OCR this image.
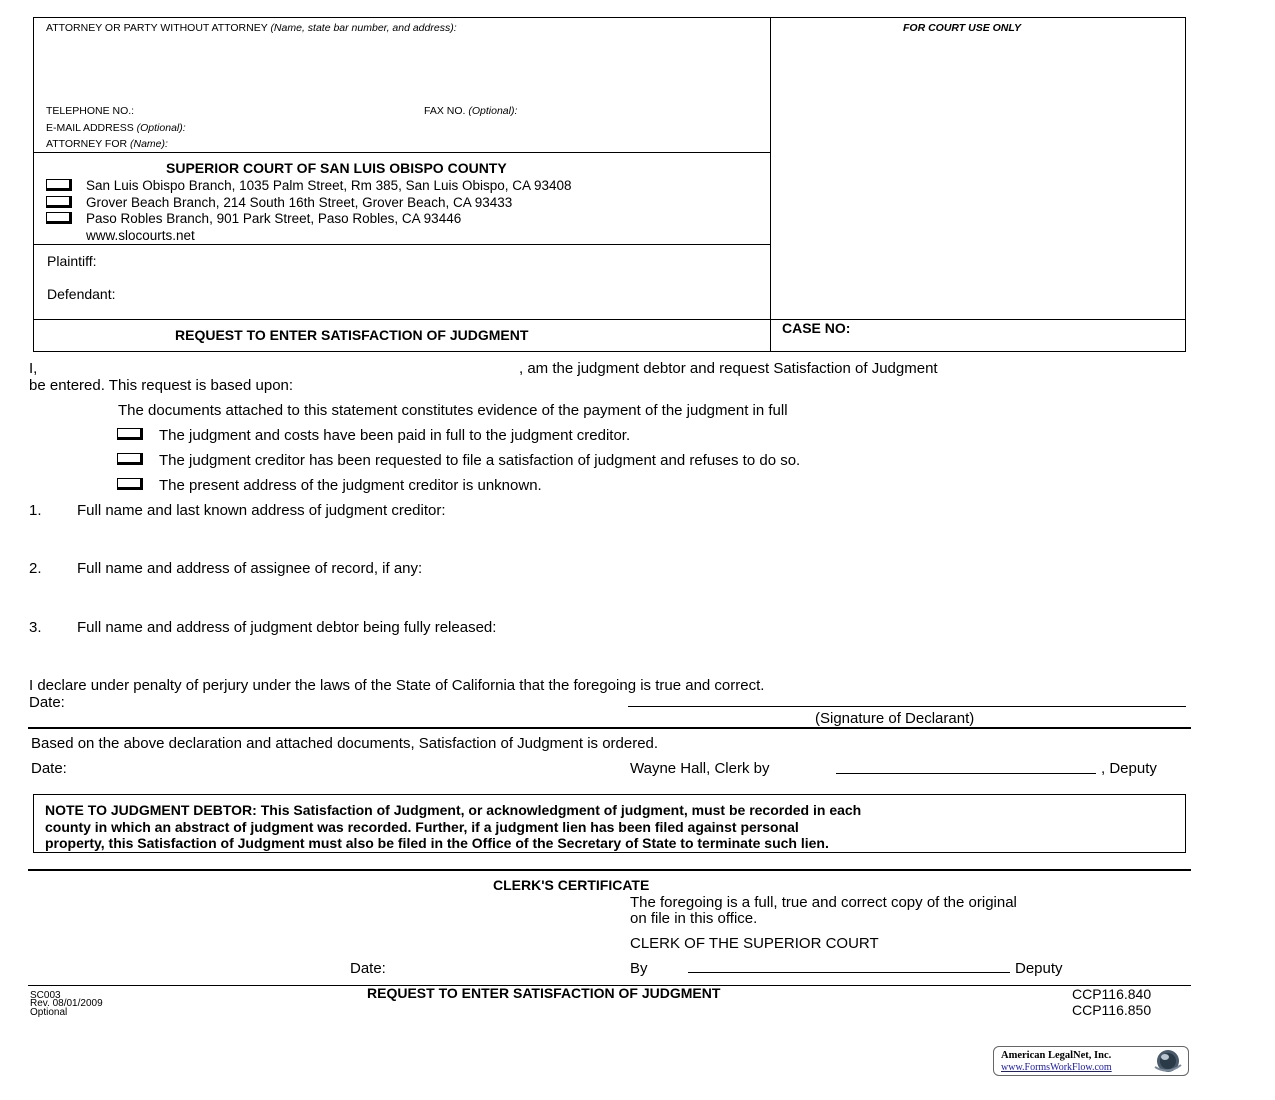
ATTORNEY OR PARTY WITHOUT ATTORNEY (Name, state bar number, and address):	FOR COURT USE ONLY
TELEPHONE NO.:	FAX NO. (Optional):
E-MAIL ADDRESS (Optional):
ATTORNEY FOR (Name):
SUPERIOR COURT OF SAN LUIS OBISPO COUNTY
San Luis Obispo Branch, 1035 Palm Street, Rm 385, San Luis Obispo, CA 93408
Grover Beach Branch, 214 South 16th Street, Grover Beach, CA 93433
Paso Robles Branch, 901 Park Street, Paso Robles, CA 93446
www.slocourts.net
Plaintiff:
Defendant:
REQUEST TO ENTER SATISFACTION OF JUDGMENT	CASE NO:
I,	, am the judgment debtor and request Satisfaction of Judgment
be entered. This request is based upon:
The documents attached to this statement constitutes evidence of the payment of the judgment in full
The judgment and costs have been paid in full to the judgment creditor.
The judgment creditor has been requested to file a satisfaction of judgment and refuses to do so.
The present address of the judgment creditor is unknown.
1. Full name and last known address of judgment creditor:
2. Full name and address of assignee of record, if any:
3. Full name and address of judgment debtor being fully released:
I declare under penalty of perjury under the laws of the State of California that the foregoing is true and correct.
Date:
(Signature of Declarant)
Based on the above declaration and attached documents, Satisfaction of Judgment is ordered.
Date:	Wayne Hall, Clerk by	, Deputy
NOTE TO JUDGMENT DEBTOR: This Satisfaction of Judgment, or acknowledgment of judgment, must be recorded in each
county in which an abstract of judgment was recorded. Further, if a judgment lien has been filed against personal
property, this Satisfaction of Judgment must also be filed in the Office of the Secretary of State to terminate such lien.
CLERK'S CERTIFICATE
The foregoing is a full, true and correct copy of the original
on file in this office.
CLERK OF THE SUPERIOR COURT
Date:	By	Deputy
SC003
Rev. 08/01/2009
Optional
REQUEST TO ENTER SATISFACTION OF JUDGMENT	CCP116.840
CCP116.850
American LegalNet, Inc.
www.FormsWorkFlow.com
